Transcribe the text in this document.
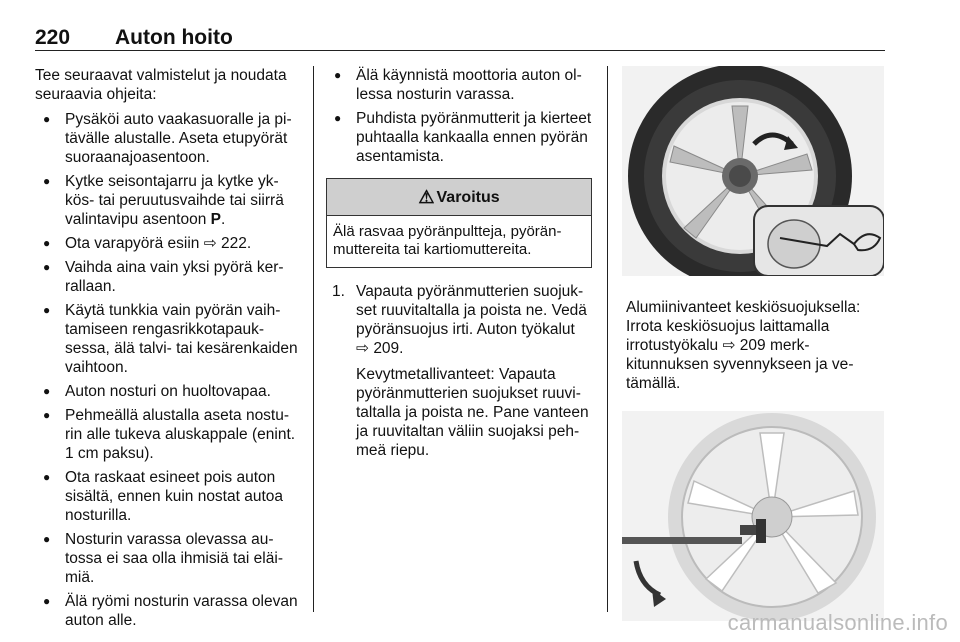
220 Auton hoito

Tee seuraavat valmistelut ja noudata seuraavia ohjeita:

● Pysäköi auto vaakasuoralle ja pitävälle alustalle. Aseta etupyörät suoraanajoasentoon.

● Kytke seisontajarru ja kytke ykkös- tai peruutusvaihde tai siirrä valintavipu asentoon P.

● Ota varapyörä esiin ⇨ 222.

● Vaihda aina vain yksi pyörä kerrallaan.

● Käytä tunkkia vain pyörän vaihtamiseen rengasrikkotapauksessa, älä talvi- tai kesärenkaiden vaihtoon.

● Auton nosturi on huoltovapaa.

● Pehmeällä alustalla aseta nosturin alle tukeva aluskappale (enint. 1 cm paksu).

● Ota raskaat esineet pois auton sisältä, ennen kuin nostat autoa nosturilla.

● Nosturin varassa olevassa autossa ei saa olla ihmisiä tai eläimiä.

● Älä ryömi nosturin varassa olevan auton alle.

● Älä käynnistä moottoria auton ollessa nosturin varassa.

● Puhdista pyöränmutterit ja kierteet puhtaalla kankaalla ennen pyörän asentamista.

⚠ Varoitus
Älä rasvaa pyöränpultteja, pyöränmuttereita tai kartiomuttereita.
1. Vapauta pyöränmutterien suojukset ruuvitaltalla ja poista ne. Vedä pyöränsuojus irti. Auton työkalut ⇨ 209.

Kevytmetallivanteet: Vapauta pyöränmutterien suojukset ruuvitaltalla ja poista ne. Pane vanteen ja ruuvitaltan väliin suojaksi pehmeä riepu.

Alumiinivanteet keskiösuojuksella: Irrota keskiösuojus laittamalla irrotustyökalu ⇨ 209 merkkitunnuksen syvennykseen ja vetämällä.

carmanualsonline.info
